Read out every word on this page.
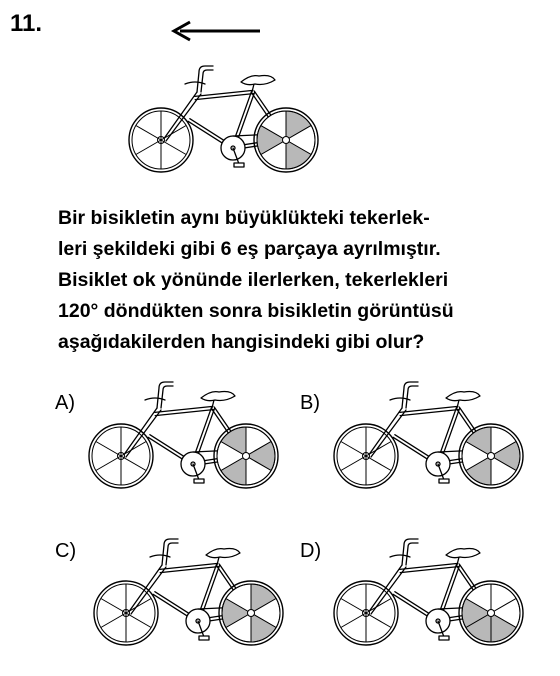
11.
Bir bisikletin aynı büyüklükteki tekerlek-
leri şekildeki gibi 6 eş parçaya ayrılmıştır.
Bisiklet ok yönünde ilerlerken, tekerlekleri
120° döndükten sonra bisikletin görüntüsü
aşağıdakilerden hangisindeki gibi olur?
A)	B)
C)	D)
